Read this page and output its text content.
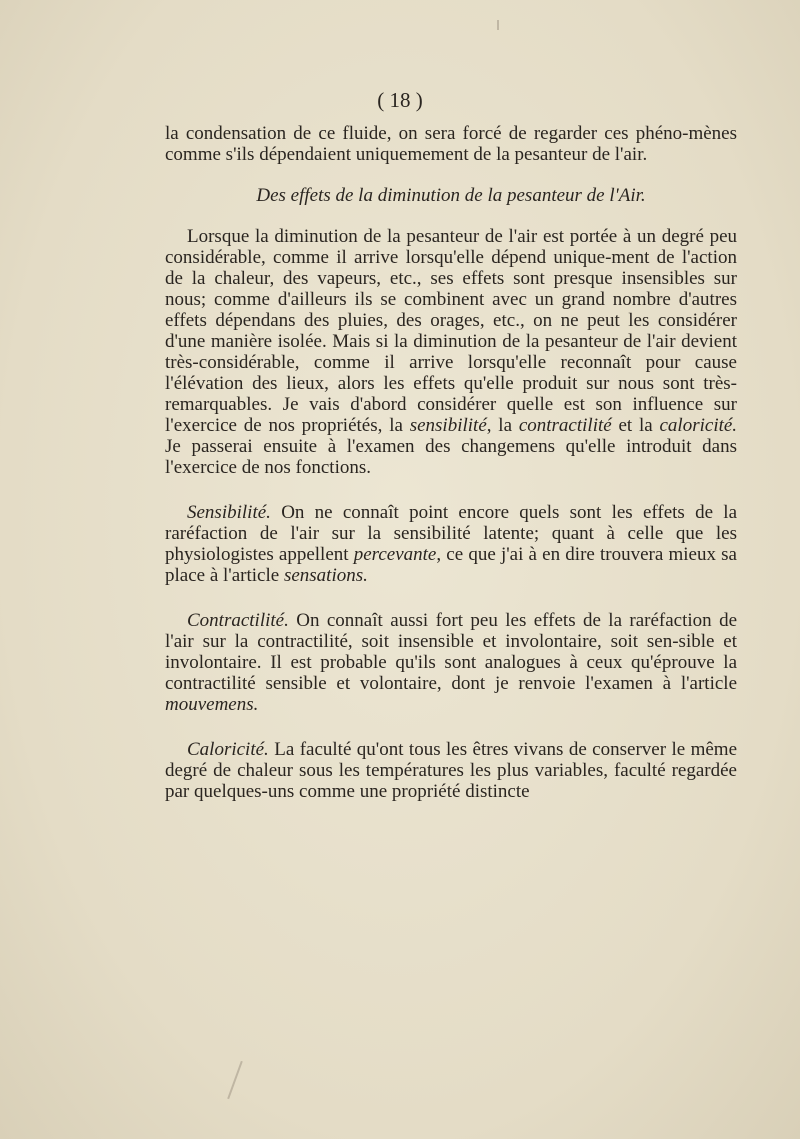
( 18 )

la condensation de ce fluide, on sera forcé de regarder ces phéno-mènes comme s'ils dépendaient uniquemement de la pesanteur de l'air.

Des effets de la diminution de la pesanteur de l'Air.

Lorsque la diminution de la pesanteur de l'air est portée à un degré peu considérable, comme il arrive lorsqu'elle dépend unique-ment de l'action de la chaleur, des vapeurs, etc., ses effets sont presque insensibles sur nous; comme d'ailleurs ils se combinent avec un grand nombre d'autres effets dépendans des pluies, des orages, etc., on ne peut les considérer d'une manière isolée. Mais si la diminution de la pesanteur de l'air devient très-considérable, comme il arrive lorsqu'elle reconnaît pour cause l'élévation des lieux, alors les effets qu'elle produit sur nous sont très-remarquables. Je vais d'abord considérer quelle est son influence sur l'exercice de nos propriétés, la sensibilité, la contractilité et la caloricité. Je passerai ensuite à l'examen des changemens qu'elle introduit dans l'exercice de nos fonctions.

Sensibilité. On ne connaît point encore quels sont les effets de la raréfaction de l'air sur la sensibilité latente; quant à celle que les physiologistes appellent percevante, ce que j'ai à en dire trouvera mieux sa place à l'article sensations.

Contractilité. On connaît aussi fort peu les effets de la raréfaction de l'air sur la contractilité, soit insensible et involontaire, soit sen-sible et involontaire. Il est probable qu'ils sont analogues à ceux qu'éprouve la contractilité sensible et volontaire, dont je renvoie l'examen à l'article mouvemens.

Caloricité. La faculté qu'ont tous les êtres vivans de conserver le même degré de chaleur sous les températures les plus variables, faculté regardée par quelques-uns comme une propriété distincte
